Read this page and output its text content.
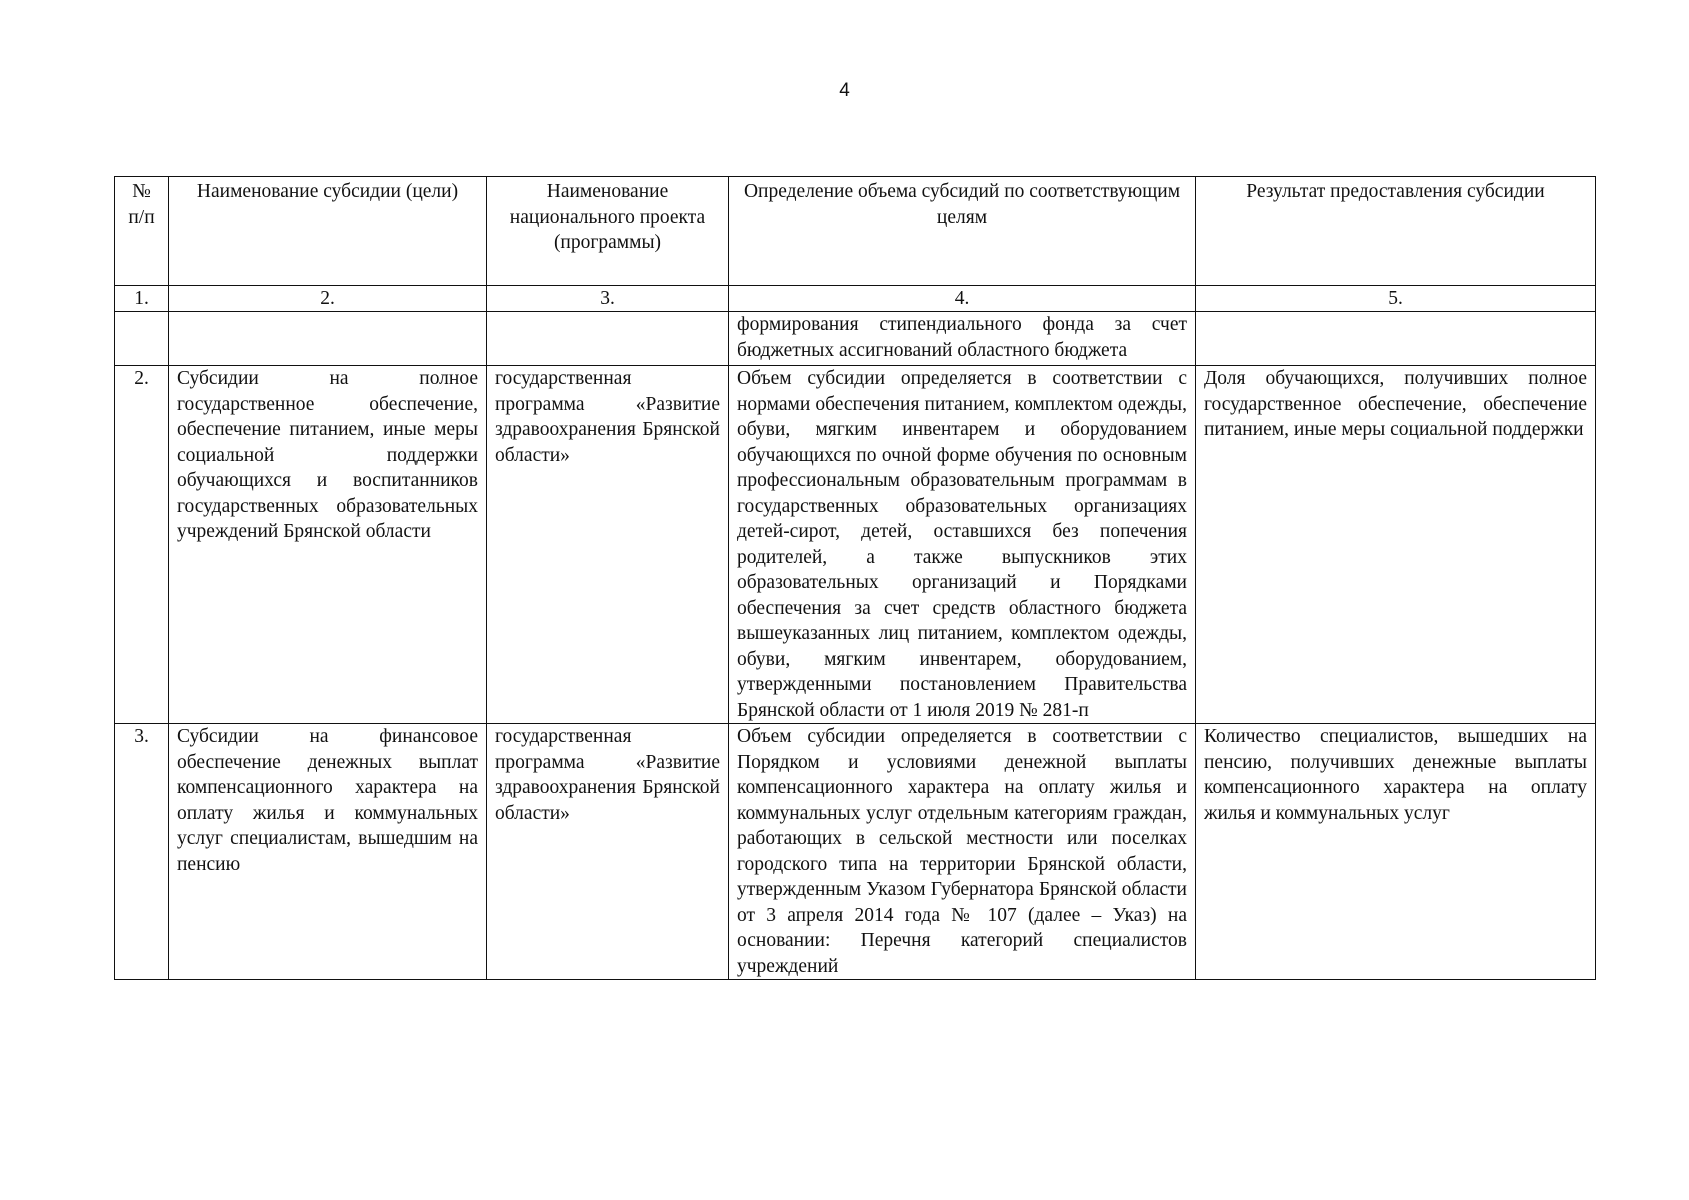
4
№ п/п	Наименование субсидии (цели)	Наименование национального проекта (программы)	Определение объема субсидий по соответствующим целям	Результат предоставления субсидии
1.	2.	3.	4.	5.
			формирования стипендиального фонда за счет бюджетных ассигнований областного бюджета	
2.	Субсидии на полное государственное обеспечение, обеспечение питанием, иные меры социальной поддержки обучающихся и воспитанников государственных образовательных учреждений Брянской области	государственная программа «Развитие здравоохранения Брянской области»	Объем субсидии определяется в соответствии с нормами обеспечения питанием, комплектом одежды, обуви, мягким инвентарем и оборудованием обучающихся по очной форме обучения по основным профессиональным образовательным программам в государственных образовательных организациях детей-сирот, детей, оставшихся без попечения родителей, а также выпускников этих образовательных организаций и Порядками обеспечения за счет средств областного бюджета вышеуказанных лиц питанием, комплектом одежды, обуви, мягким инвентарем, оборудованием, утвержденными постановлением Правительства Брянской области от 1 июля 2019 № 281-п	Доля обучающихся, получивших полное государственное обеспечение, обеспечение питанием, иные меры социальной поддержки
3.	Субсидии на финансовое обеспечение денежных выплат компенсационного характера на оплату жилья и коммунальных услуг специалистам, вышедшим на пенсию	государственная программа «Развитие здравоохранения Брянской области»	Объем субсидии определяется в соответствии с Порядком и условиями денежной выплаты компенсационного характера на оплату жилья и коммунальных услуг отдельным категориям граждан, работающих в сельской местности или поселках городского типа на территории Брянской области, утвержденным Указом Губернатора Брянской области от 3 апреля 2014 года № 107 (далее – Указ) на основании: Перечня категорий специалистов учреждений	Количество специалистов, вышедших на пенсию, получивших денежные выплаты компенсационного характера на оплату жилья и коммунальных услуг
